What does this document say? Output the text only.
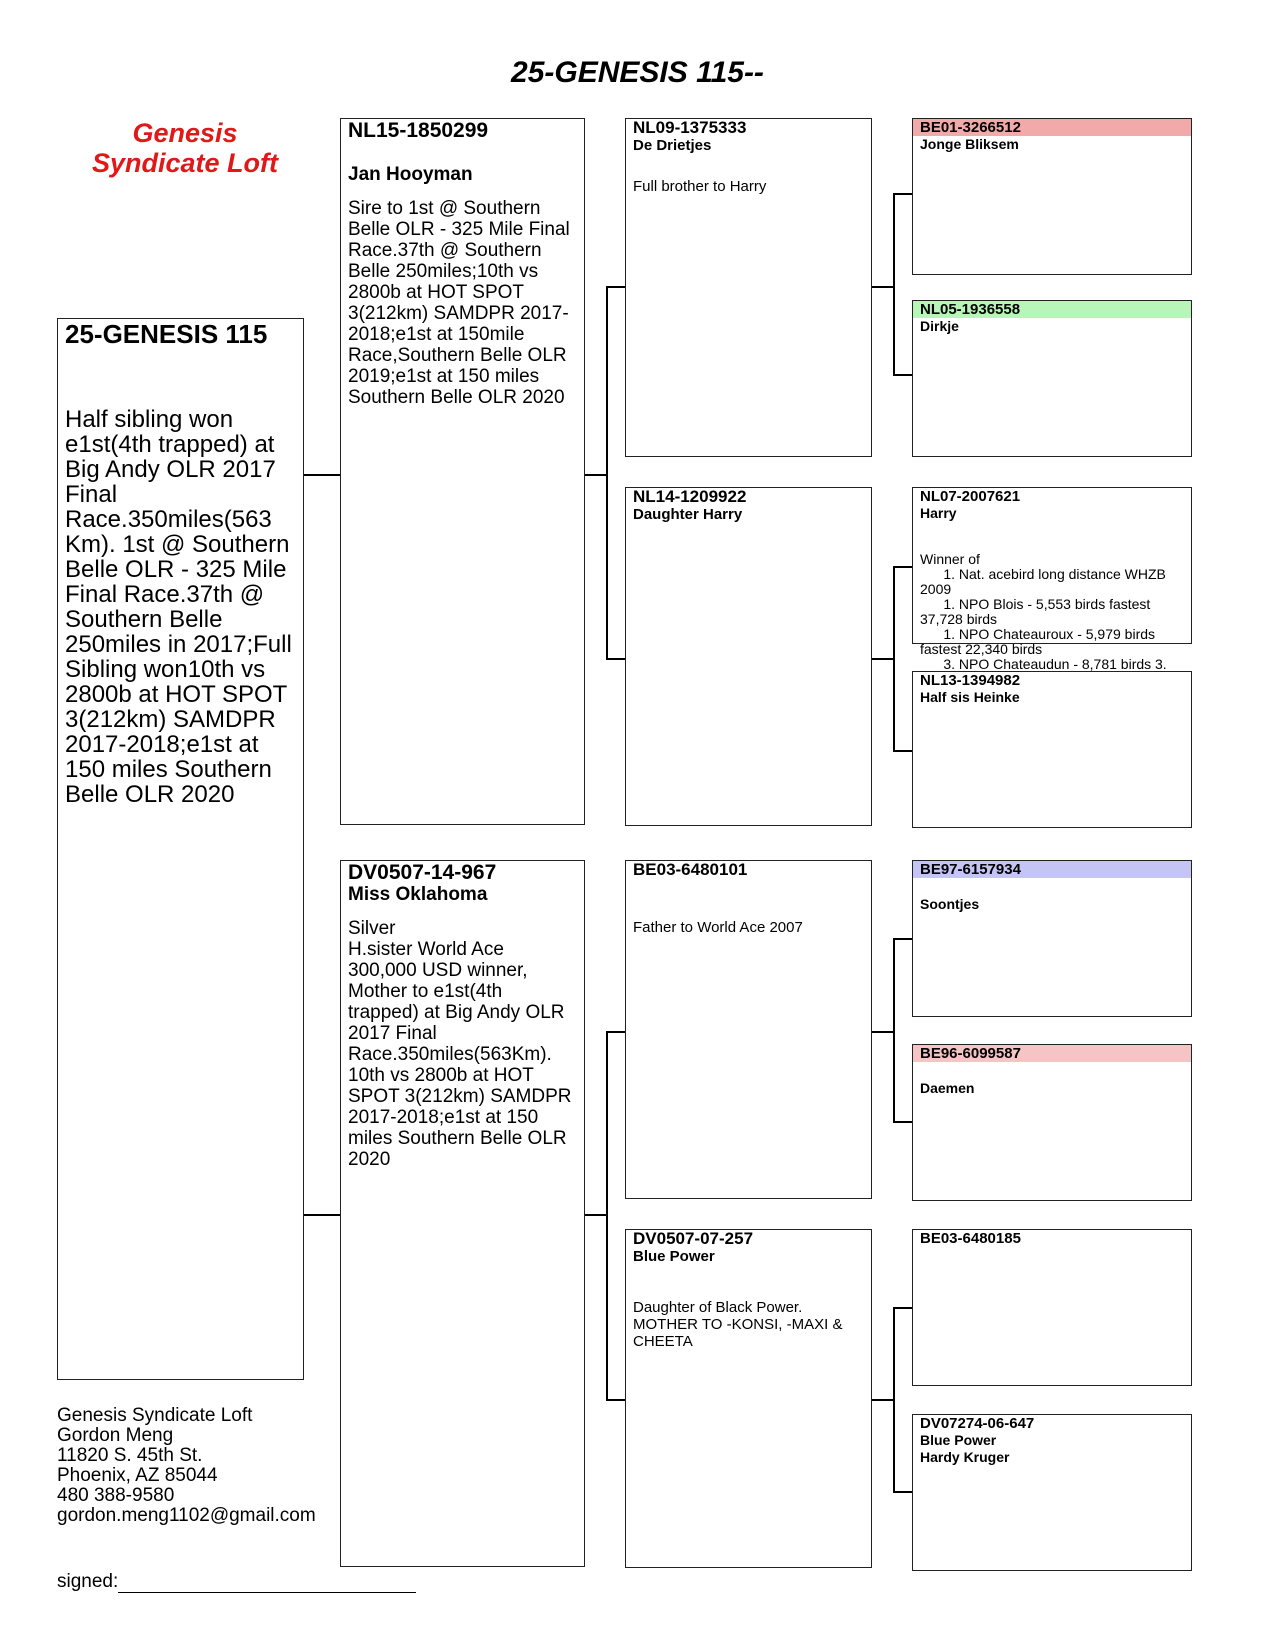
25-GENESIS 115--
Genesis
Syndicate Loft
25-GENESIS 115
Half sibling won e1st(4th trapped) at Big Andy OLR 2017 Final Race.350miles(563 Km). 1st @ Southern Belle OLR - 325 Mile Final Race.37th @ Southern Belle 250miles in 2017;Full Sibling won10th vs 2800b at HOT SPOT 3(212km) SAMDPR 2017-2018;e1st at 150 miles Southern Belle OLR 2020
NL15-1850299
Jan Hooyman
Sire to 1st @ Southern Belle OLR - 325 Mile Final Race.37th @ Southern Belle 250miles;10th vs 2800b at HOT SPOT 3(212km) SAMDPR 2017-2018;e1st at 150mile Race,Southern Belle OLR 2019;e1st at 150 miles Southern Belle OLR 2020
DV0507-14-967
Miss Oklahoma
Silver
H.sister World Ace 300,000 USD winner, Mother to e1st(4th trapped) at Big Andy OLR 2017 Final Race.350miles(563Km). 10th vs 2800b at HOT SPOT 3(212km) SAMDPR 2017-2018;e1st at 150 miles Southern Belle OLR 2020
NL09-1375333
De Drietjes
Full brother to Harry
NL14-1209922
Daughter Harry
BE03-6480101
Father to World Ace 2007
DV0507-07-257
Blue Power
Daughter of Black Power. MOTHER TO -KONSI, -MAXI & CHEETA
BE01-3266512
Jonge Bliksem
NL05-1936558
Dirkje
NL07-2007621
Harry
Winner of
1. Nat. acebird long distance WHZB 2009
1. NPO Blois - 5,553 birds fastest 37,728 birds
1. NPO Chateauroux - 5,979 birds fastest 22,340 birds
3. NPO Chateaudun - 8,781 birds 3.
NL13-1394982
Half sis Heinke
BE97-6157934
Soontjes
BE96-6099587
Daemen
BE03-6480185
DV07274-06-647
Blue Power
Hardy Kruger
Genesis Syndicate Loft
Gordon Meng
11820 S. 45th St.
Phoenix, AZ 85044
480 388-9580
gordon.meng1102@gmail.com
signed:
